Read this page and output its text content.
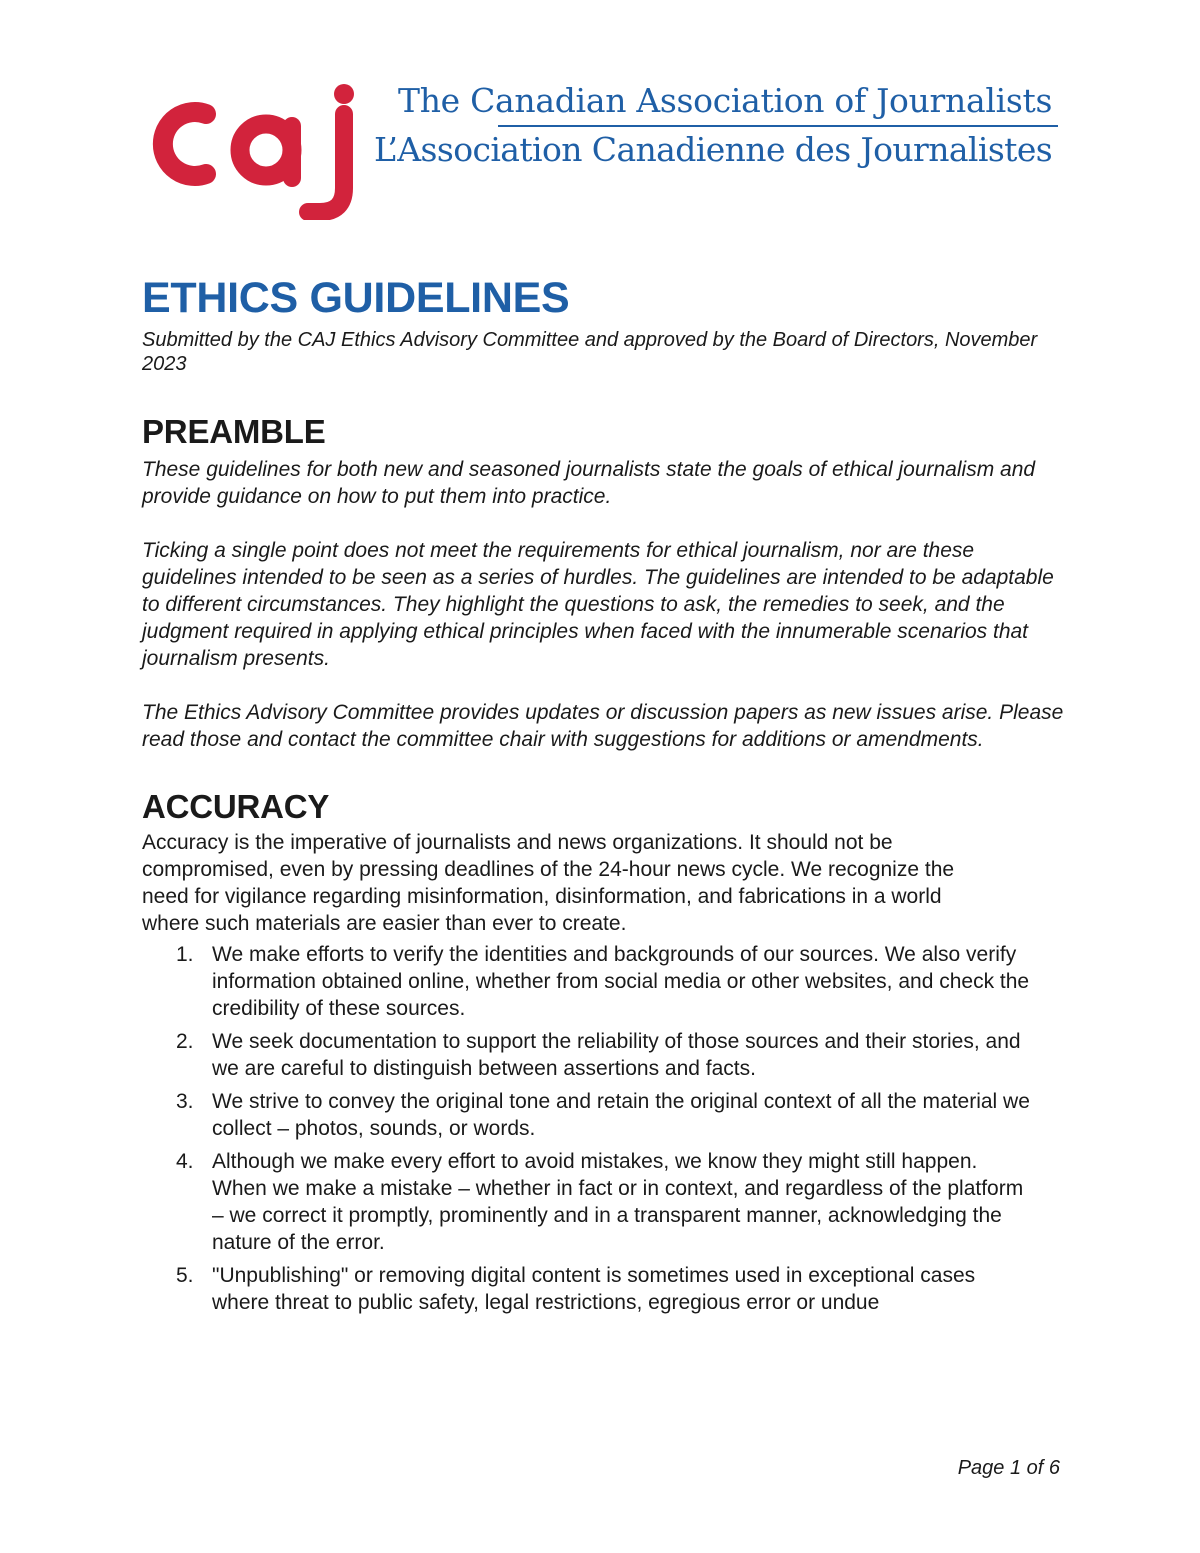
The Canadian Association of Journalists
L’Association Canadienne des Journalistes
ETHICS GUIDELINES

Submitted by the CAJ Ethics Advisory Committee and approved by the Board of Directors, November 2023

PREAMBLE

These guidelines for both new and seasoned journalists state the goals of ethical journalism and provide guidance on how to put them into practice.

Ticking a single point does not meet the requirements for ethical journalism, nor are these guidelines intended to be seen as a series of hurdles. The guidelines are intended to be adaptable to different circumstances. They highlight the questions to ask, the remedies to seek, and the judgment required in applying ethical principles when faced with the innumerable scenarios that journalism presents.

The Ethics Advisory Committee provides updates or discussion papers as new issues arise. Please read those and contact the committee chair with suggestions for additions or amendments.

ACCURACY

Accuracy is the imperative of journalists and news organizations. It should not be compromised, even by pressing deadlines of the 24-hour news cycle. We recognize the need for vigilance regarding misinformation, disinformation, and fabrications in a world where such materials are easier than ever to create.

1. We make efforts to verify the identities and backgrounds of our sources. We also verify information obtained online, whether from social media or other websites, and check the credibility of these sources.
2. We seek documentation to support the reliability of those sources and their stories, and we are careful to distinguish between assertions and facts.
3. We strive to convey the original tone and retain the original context of all the material we collect – photos, sounds, or words.
4. Although we make every effort to avoid mistakes, we know they might still happen. When we make a mistake – whether in fact or in context, and regardless of the platform – we correct it promptly, prominently and in a transparent manner, acknowledging the nature of the error.
5. "Unpublishing" or removing digital content is sometimes used in exceptional cases where threat to public safety, legal restrictions, egregious error or undue
Page 1 of 6
